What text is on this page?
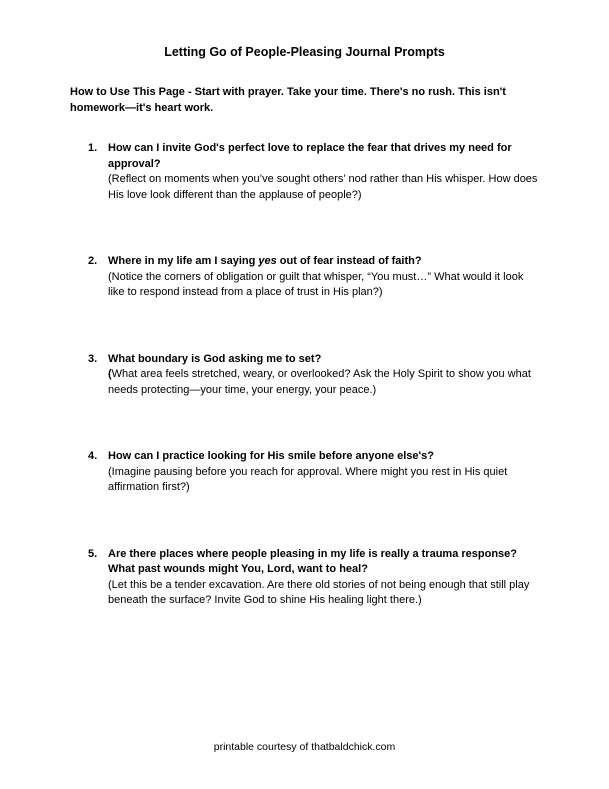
Letting Go of People-Pleasing Journal Prompts

How to Use This Page - Start with prayer. Take your time. There's no rush. This isn't homework—it's heart work.

1. How can I invite God's perfect love to replace the fear that drives my need for approval?
(Reflect on moments when you’ve sought others’ nod rather than His whisper. How does His love look different than the applause of people?)
2. Where in my life am I saying yes out of fear instead of faith?
(Notice the corners of obligation or guilt that whisper, “You must…” What would it look like to respond instead from a place of trust in His plan?)
3. What boundary is God asking me to set?
(What area feels stretched, weary, or overlooked? Ask the Holy Spirit to show you what needs protecting—your time, your energy, your peace.)
4. How can I practice looking for His smile before anyone else's?
(Imagine pausing before you reach for approval. Where might you rest in His quiet affirmation first?)
5. Are there places where people pleasing in my life is really a trauma response? What past wounds might You, Lord, want to heal?
(Let this be a tender excavation. Are there old stories of not being enough that still play beneath the surface? Invite God to shine His healing light there.)
printable courtesy of thatbaldchick.com
